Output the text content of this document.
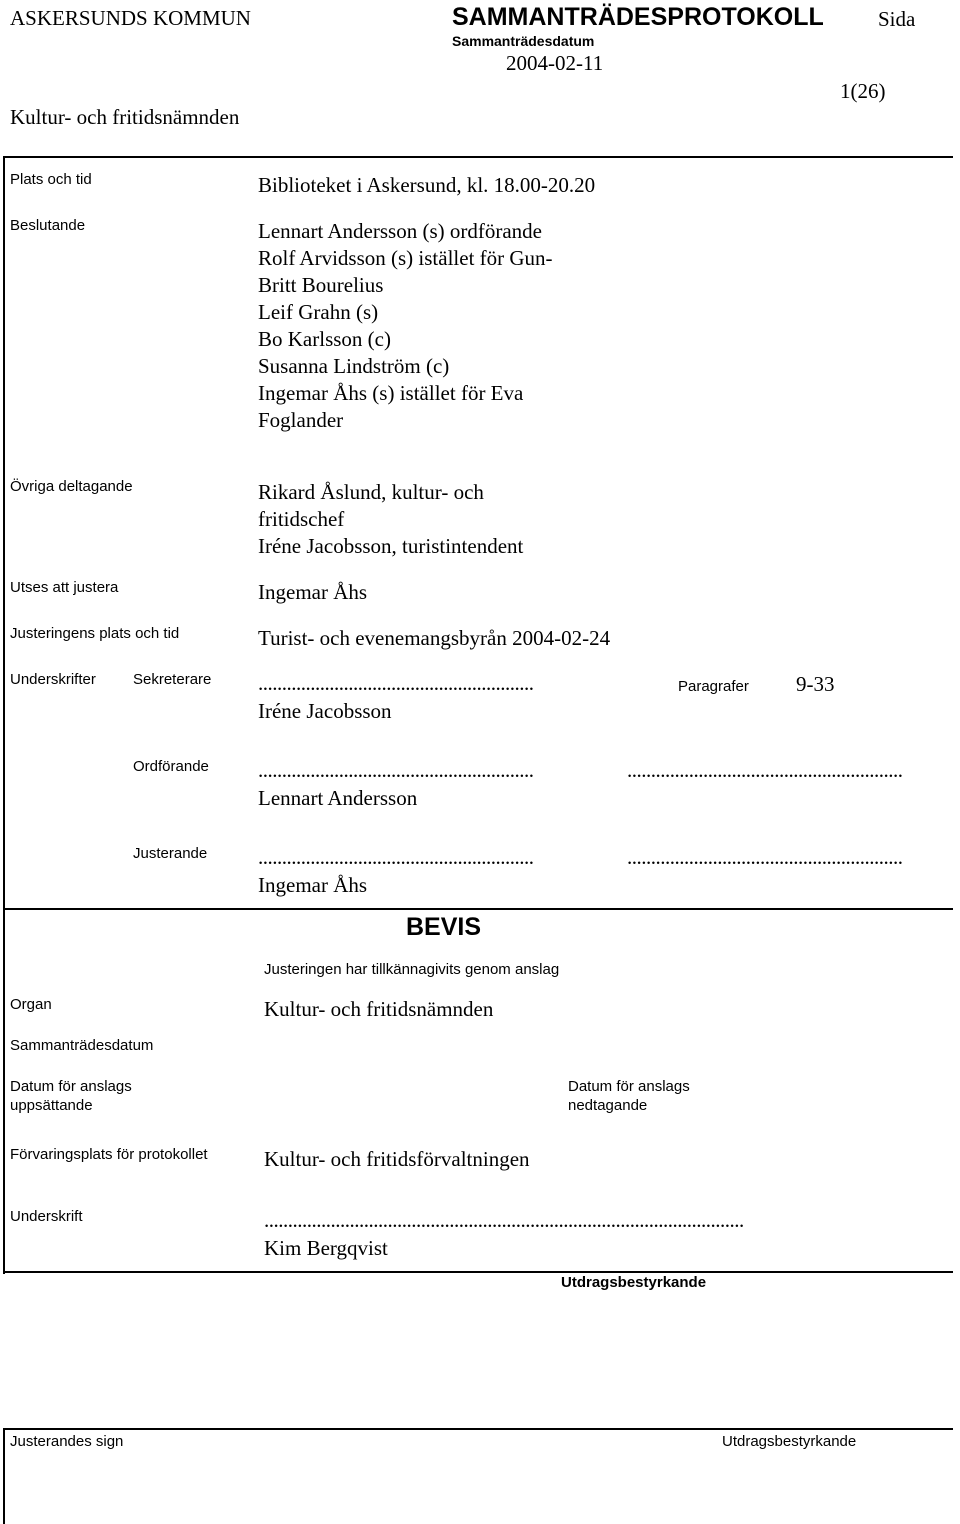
ASKERSUNDS KOMMUN	SAMMANTRÄDESPROTOKOLL	Sida
Sammanträdesdatum
2004-02-11
1(26)
Kultur- och fritidsnämnden
Plats och tid	Biblioteket i Askersund, kl. 18.00-20.20
Beslutande	Lennart Andersson (s) ordförande
Rolf Arvidsson (s) istället för Gun-
Britt Bourelius
Leif Grahn (s)
Bo Karlsson (c)
Susanna Lindström (c)
Ingemar Åhs (s) istället för Eva
Foglander
Övriga deltagande	Rikard Åslund, kultur- och
fritidschef
Iréne Jacobsson, turistintendent
Utses att justera	Ingemar Åhs
Justeringens plats och tid	Turist- och evenemangsbyrån 2004-02-24
Underskrifter Sekreterare ..........................................................
Iréne Jacobsson
Paragrafer 9-33
Ordförande ..........................................................	..........................................................
Lennart Andersson
Justerande ..........................................................	..........................................................
Ingemar Åhs
BEVIS
Justeringen har tillkännagivits genom anslag
Organ	Kultur- och fritidsnämnden
Sammanträdesdatum
Datum för anslags
uppsättande
Datum för anslags
nedtagande
Förvaringsplats för protokollet	Kultur- och fritidsförvaltningen
Underskrift	.....................................................................................................
Kim Bergqvist
Utdragsbestyrkande
Justerandes sign	Utdragsbestyrkande
